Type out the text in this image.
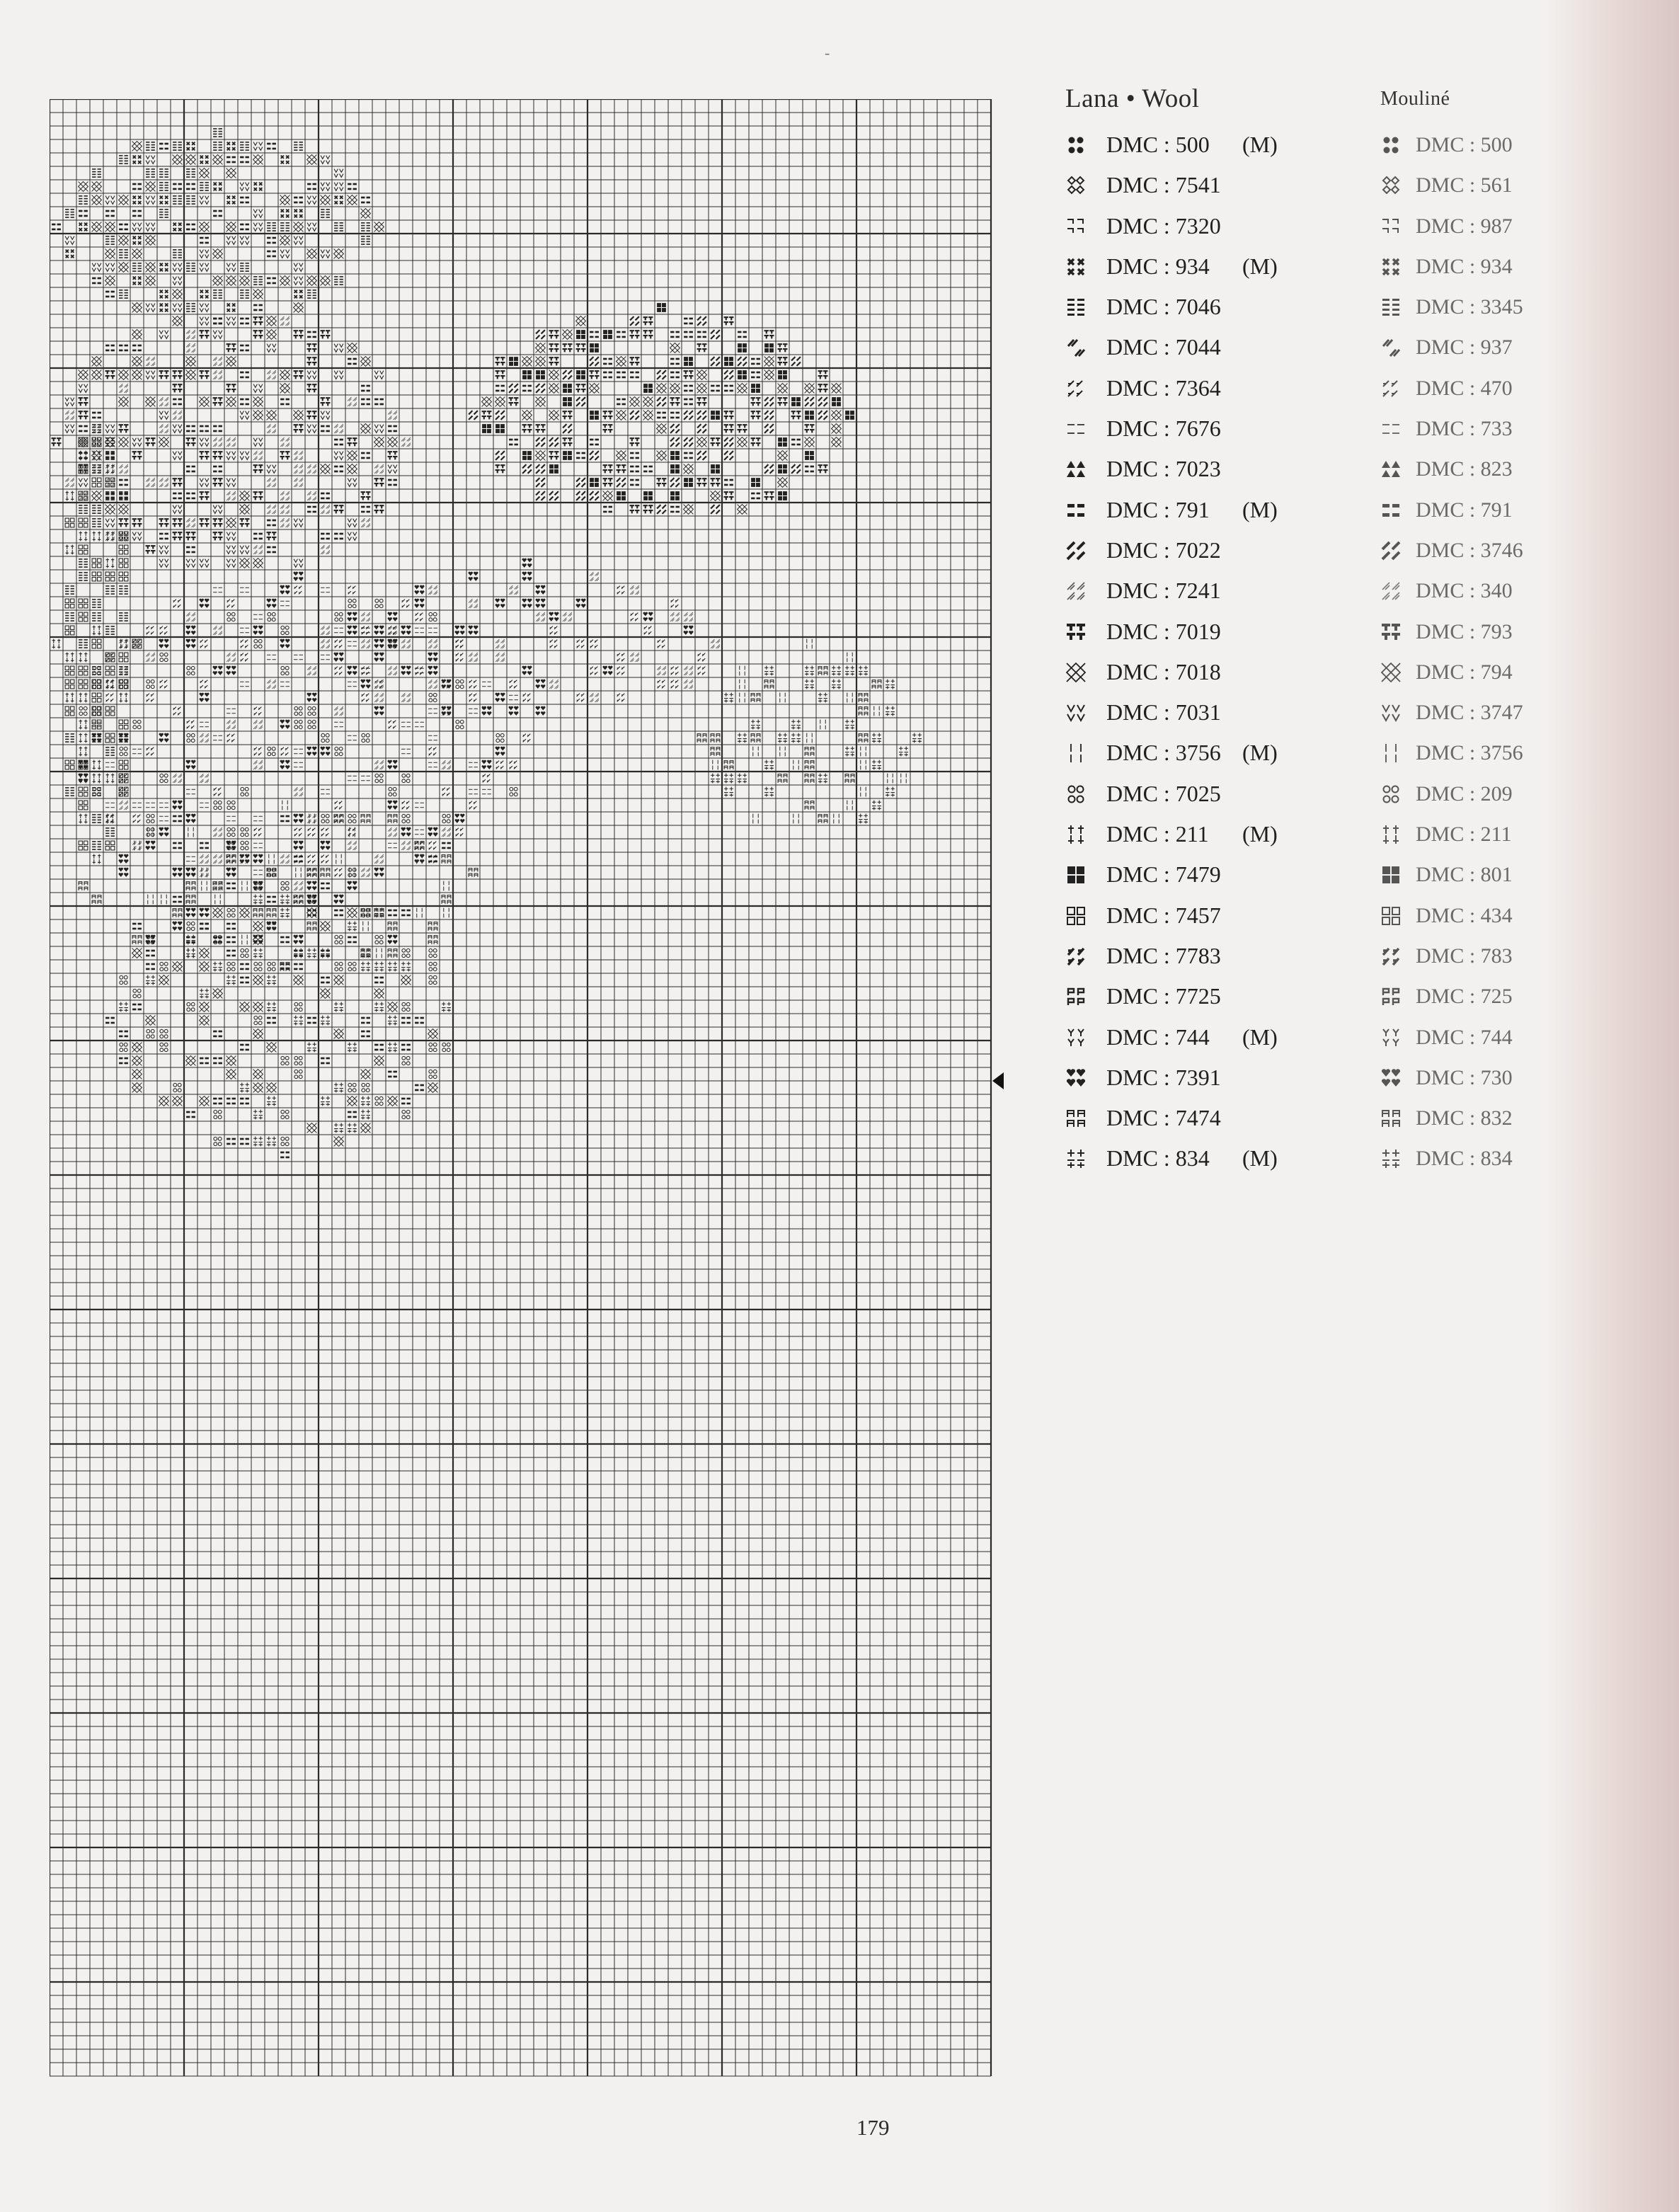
-
Lana • Wool
DMC : 500 (M)
DMC : 7541
DMC : 7320
DMC : 934 (M)
DMC : 7046
DMC : 7044
DMC : 7364
DMC : 7676
DMC : 7023
DMC : 791 (M)
DMC : 7022
DMC : 7241
DMC : 7019
DMC : 7018
DMC : 7031
DMC : 3756 (M)
DMC : 7025
DMC : 211 (M)
DMC : 7479
DMC : 7457
DMC : 7783
DMC : 7725
DMC : 744 (M)
DMC : 7391
DMC : 7474
DMC : 834 (M)
Mouliné
DMC : 500
DMC : 561
DMC : 987
DMC : 934
DMC : 3345
DMC : 937
DMC : 470
DMC : 733
DMC : 823
DMC : 791
DMC : 3746
DMC : 340
DMC : 793
DMC : 794
DMC : 3747
DMC : 3756
DMC : 209
DMC : 211
DMC : 801
DMC : 434
DMC : 783
DMC : 725
DMC : 744
DMC : 730
DMC : 832
DMC : 834
179
